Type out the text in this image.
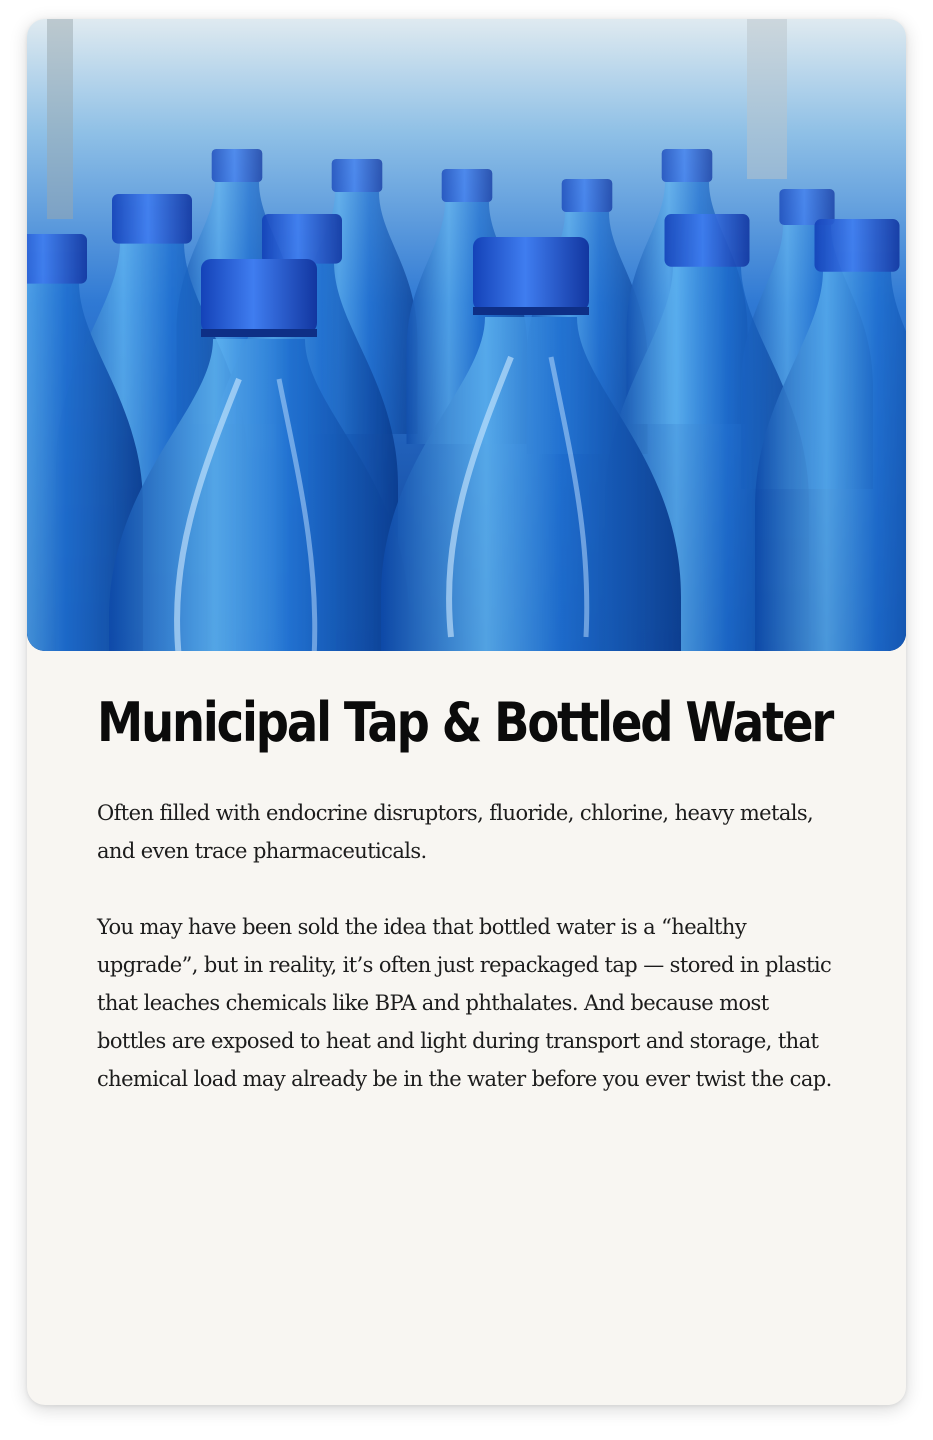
Municipal Tap & Bottled Water

Often filled with endocrine disruptors, fluoride, chlorine, heavy metals, and even trace pharmaceuticals.

You may have been sold the idea that bottled water is a “healthy upgrade”, but in reality, it’s often just repackaged tap — stored in plastic that leaches chemicals like BPA and phthalates. And because most bottles are exposed to heat and light during transport and storage, that chemical load may already be in the water before you ever twist the cap.
